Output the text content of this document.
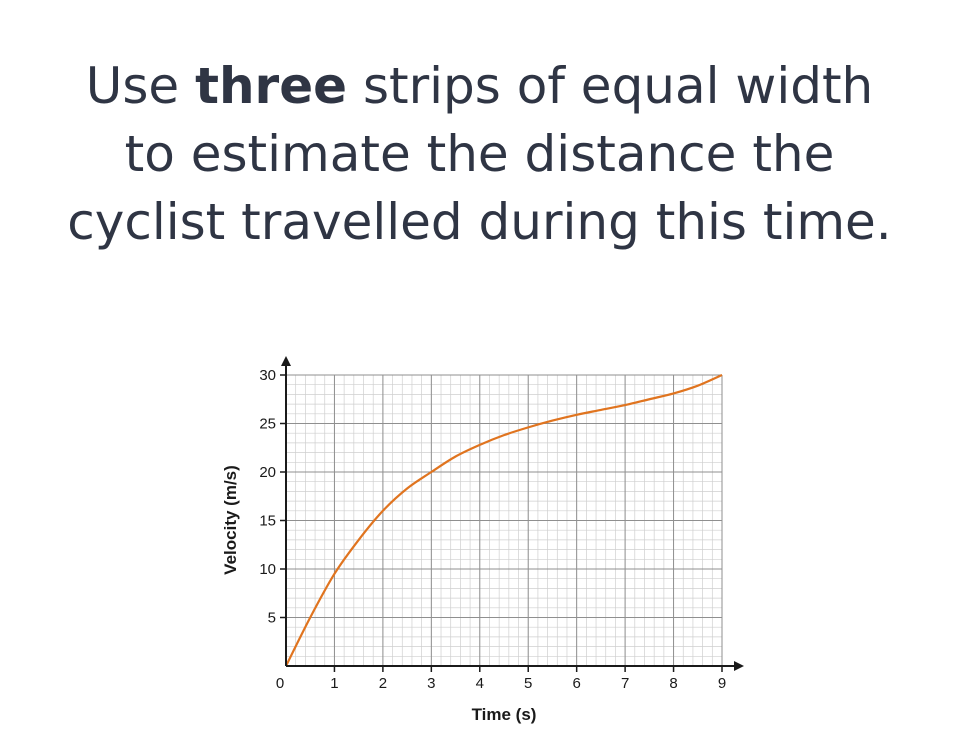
Use three strips of equal width
to estimate the distance the
cyclist travelled during this time.
0	1	2	3	4	5	6	7	8	9
5
10
15
20
25
30
Time (s)
Velocity (m/s)
